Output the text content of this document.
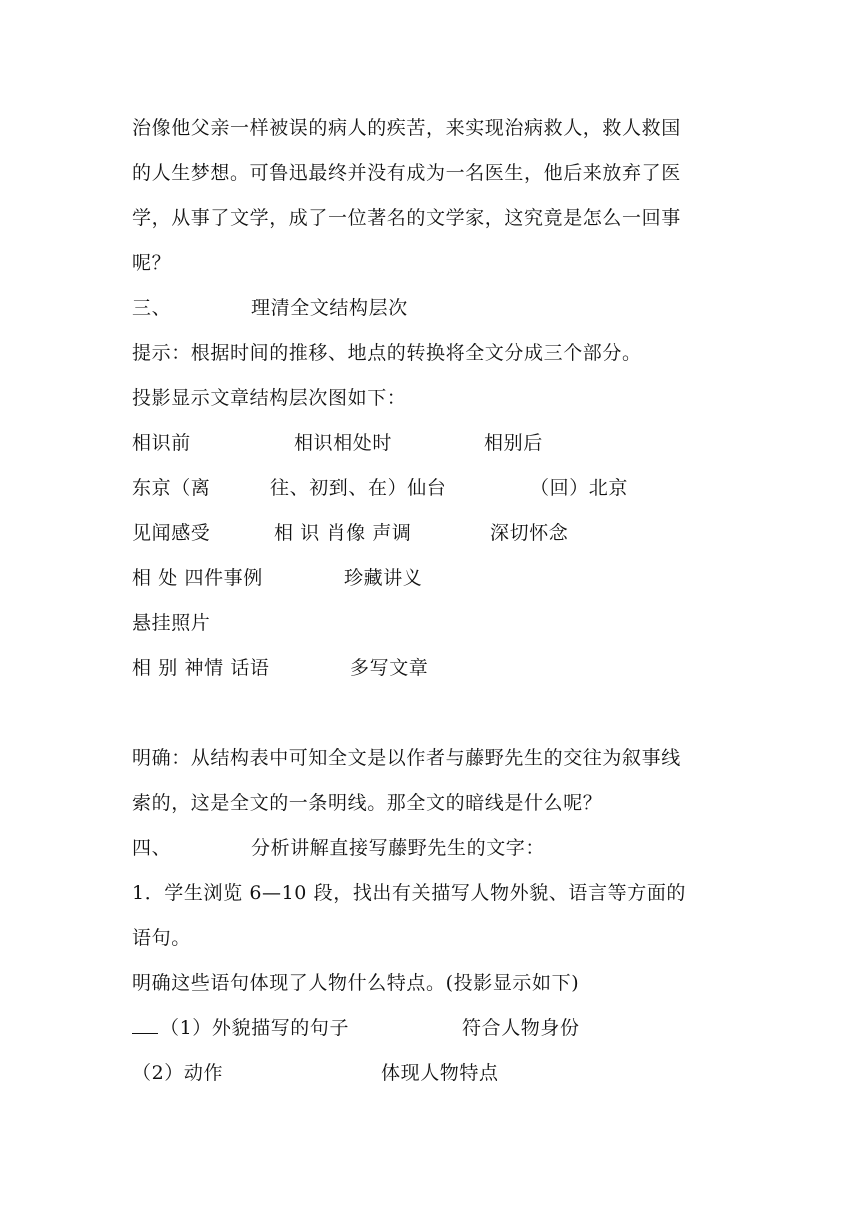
治像他父亲一样被误的病人的疾苦，来实现治病救人，救人救国
的人生梦想。可鲁迅最终并没有成为一名医生，他后来放弃了医
学，从事了文学，成了一位著名的文学家，这究竟是怎么一回事
呢？
三、	理清全文结构层次
提示：根据时间的推移、地点的转换将全文分成三个部分。
投影显示文章结构层次图如下：
相识前	相识相处时	相别后
东京（离	往、初到、在）仙台	（回）北京
见闻感受	相 识 肖像 声调	深切怀念
相 处 四件事例	珍藏讲义
悬挂照片
相 别 神情 话语	多写文章
明确：从结构表中可知全文是以作者与藤野先生的交往为叙事线
索的，这是全文的一条明线。那全文的暗线是什么呢？
四、	分析讲解直接写藤野先生的文字：
1．学生浏览 6—10 段，找出有关描写人物外貌、语言等方面的
语句。
明确这些语句体现了人物什么特点。(投影显示如下)
（1）外貌描写的句子	符合人物身份
（2）动作	体现人物特点
